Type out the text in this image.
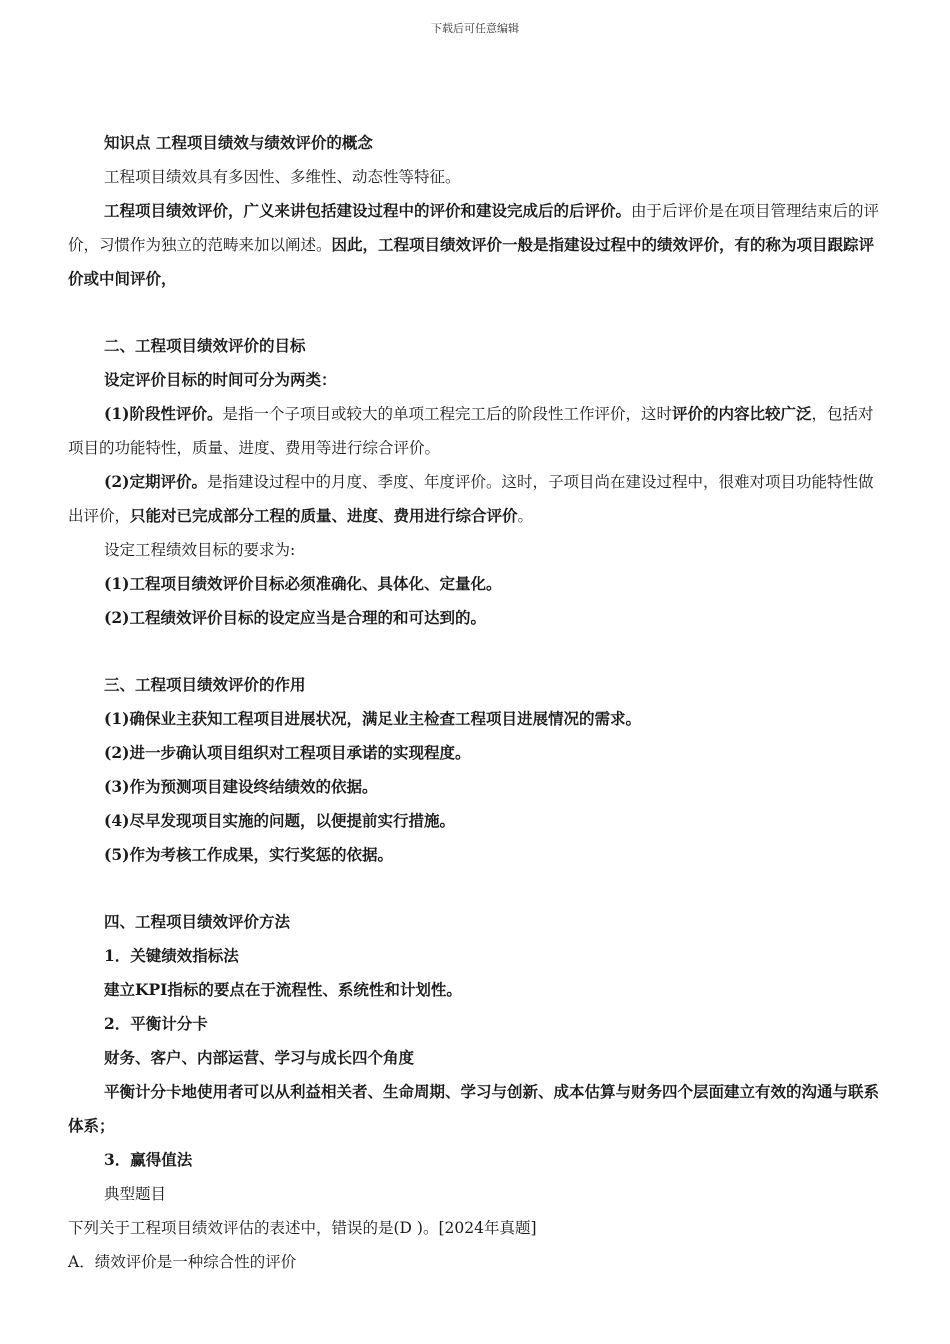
下载后可任意编辑

知识点 工程项目绩效与绩效评价的概念

工程项目绩效具有多因性、多维性、动态性等特征。

工程项目绩效评价，广义来讲包括建设过程中的评价和建设完成后的后评价。由于后评价是在项目管理结束后的评价，习惯作为独立的范畴来加以阐述。因此，工程项目绩效评价一般是指建设过程中的绩效评价，有的称为项目跟踪评价或中间评价，

二、工程项目绩效评价的目标

设定评价目标的时间可分为两类：

(1)阶段性评价。是指一个子项目或较大的单项工程完工后的阶段性工作评价，这时评价的内容比较广泛，包括对项目的功能特性，质量、进度、费用等进行综合评价。

(2)定期评价。是指建设过程中的月度、季度、年度评价。这时，子项目尚在建设过程中，很难对项目功能特性做出评价，只能对已完成部分工程的质量、进度、费用进行综合评价。

设定工程绩效目标的要求为:

(1)工程项目绩效评价目标必须准确化、具体化、定量化。

(2)工程绩效评价目标的设定应当是合理的和可达到的。

三、工程项目绩效评价的作用

(1)确保业主获知工程项目进展状况，满足业主检查工程项目进展情况的需求。

(2)进一步确认项目组织对工程项目承诺的实现程度。

(3)作为预测项目建设终结绩效的依据。

(4)尽早发现项目实施的问题，以便提前实行措施。

(5)作为考核工作成果，实行奖惩的依据。

四、工程项目绩效评价方法

1．关键绩效指标法

建立KPI指标的要点在于流程性、系统性和计划性。

2．平衡计分卡

财务、客户、内部运营、学习与成长四个角度

平衡计分卡地使用者可以从利益相关者、生命周期、学习与创新、成本估算与财务四个层面建立有效的沟通与联系体系；

3．赢得值法

典型题目

下列关于工程项目绩效评估的表述中，错误的是(D )。[2024年真题]

A．绩效评价是一种综合性的评价
